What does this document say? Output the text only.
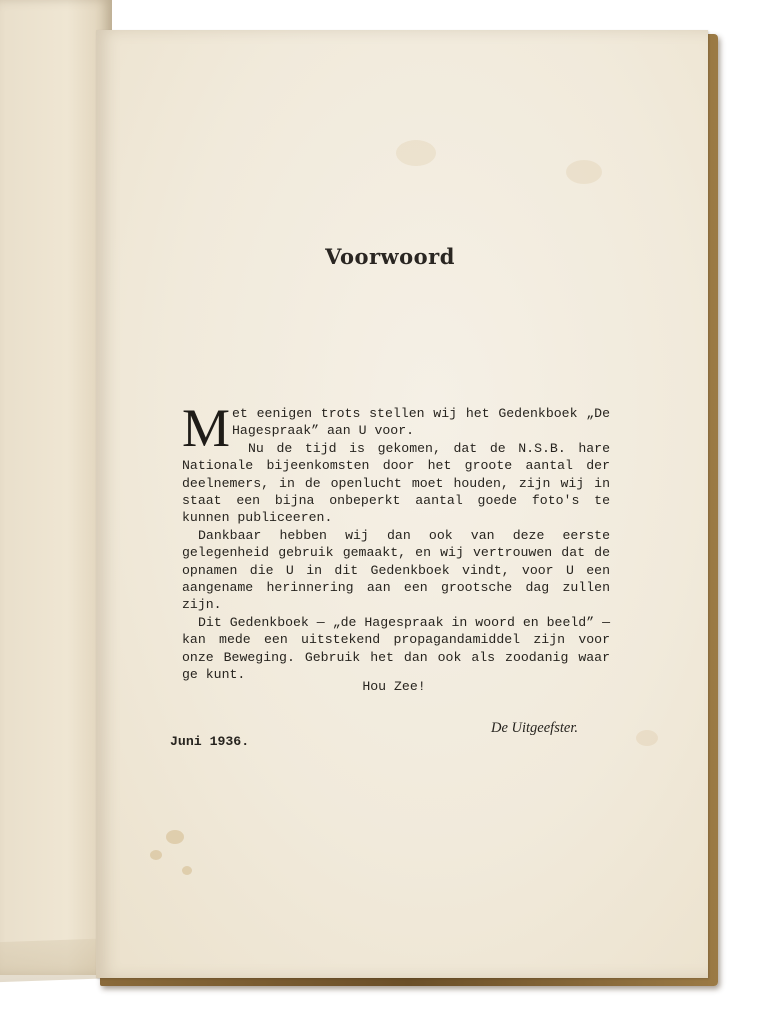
Voorwoord

Met eenigen trots stellen wij het Gedenkboek „De Hagespraak” aan U voor.

Nu de tijd is gekomen, dat de N.S.B. hare Nationale bijeenkomsten door het groote aantal der deelnemers, in de openlucht moet houden, zijn wij in staat een bijna onbeperkt aantal goede foto's te kunnen publiceeren.

Dankbaar hebben wij dan ook van deze eerste gelegenheid gebruik gemaakt, en wij vertrouwen dat de opnamen die U in dit Gedenkboek vindt, voor U een aangename herinnering aan een grootsche dag zullen zijn.

Dit Gedenkboek — „de Hagespraak in woord en beeld” — kan mede een uitstekend propagandamiddel zijn voor onze Beweging. Gebruik het dan ook als zoodanig waar ge kunt.

Hou Zee!
Juni 1936.
De Uitgeefster.
